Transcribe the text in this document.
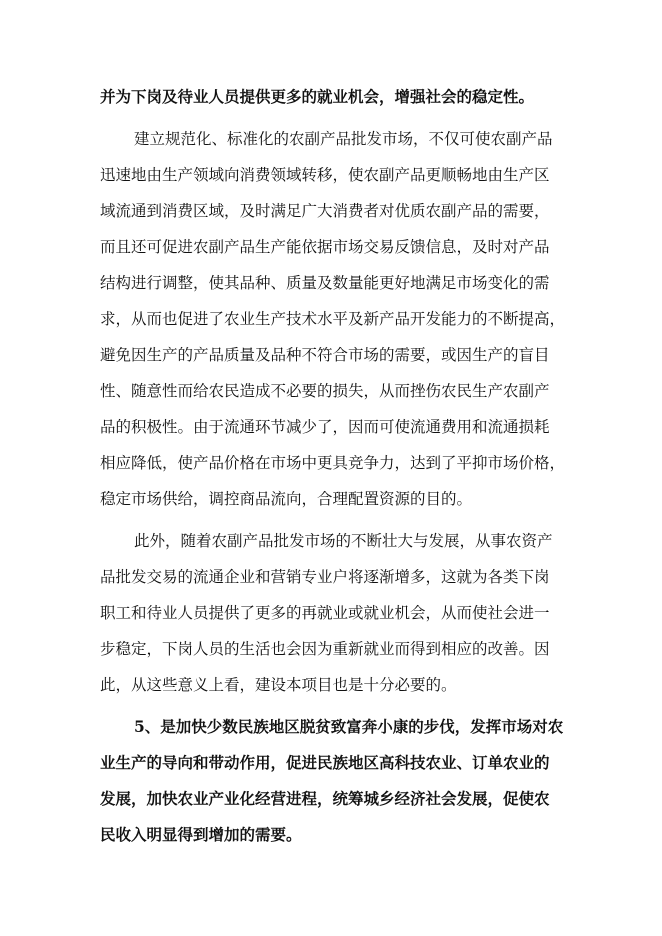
并为下岗及待业人员提供更多的就业机会，增强社会的稳定性。

建立规范化、标准化的农副产品批发市场，不仅可使农副产品

迅速地由生产领域向消费领域转移，使农副产品更顺畅地由生产区

域流通到消费区域，及时满足广大消费者对优质农副产品的需要，

而且还可促进农副产品生产能依据市场交易反馈信息，及时对产品

结构进行调整，使其品种、质量及数量能更好地满足市场变化的需

求，从而也促进了农业生产技术水平及新产品开发能力的不断提高，

避免因生产的产品质量及品种不符合市场的需要，或因生产的盲目

性、随意性而给农民造成不必要的损失，从而挫伤农民生产农副产

品的积极性。由于流通环节减少了，因而可使流通费用和流通损耗

相应降低，使产品价格在市场中更具竞争力，达到了平抑市场价格，

稳定市场供给，调控商品流向，合理配置资源的目的。

此外，随着农副产品批发市场的不断壮大与发展，从事农资产

品批发交易的流通企业和营销专业户将逐渐增多，这就为各类下岗

职工和待业人员提供了更多的再就业或就业机会，从而使社会进一

步稳定，下岗人员的生活也会因为重新就业而得到相应的改善。因

此，从这些意义上看，建设本项目也是十分必要的。

5、是加快少数民族地区脱贫致富奔小康的步伐，发挥市场对农

业生产的导向和带动作用，促进民族地区高科技农业、订单农业的

发展，加快农业产业化经营进程，统筹城乡经济社会发展，促使农

民收入明显得到增加的需要。
